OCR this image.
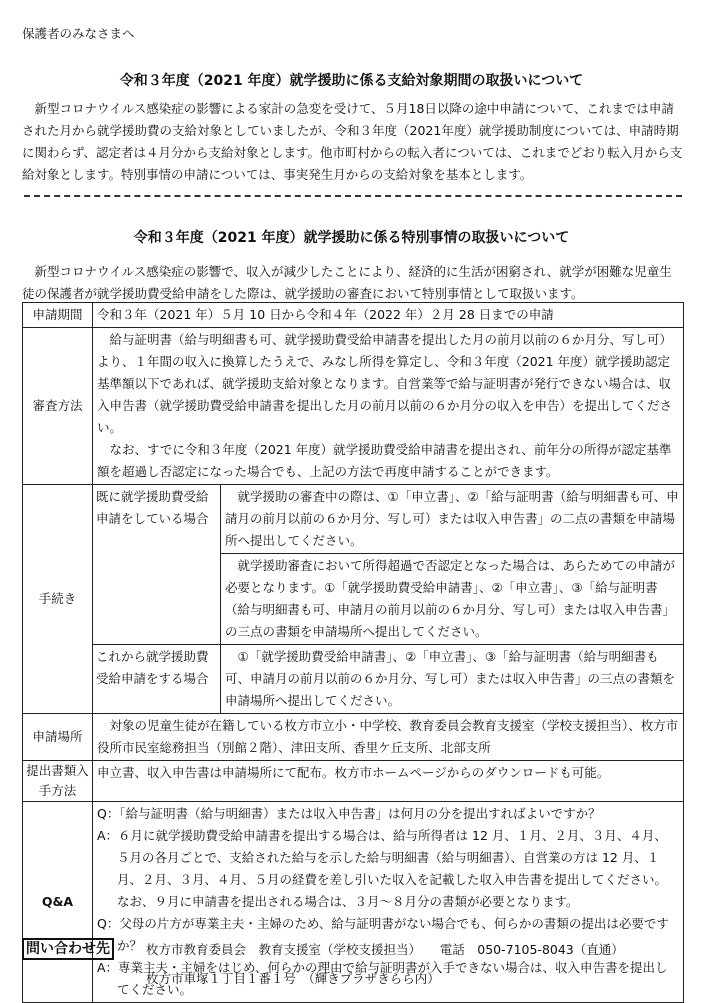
保護者のみなさまへ
令和３年度（2021 年度）就学援助に係る支給対象期間の取扱いについて
新型コロナウイルス感染症の影響による家計の急変を受けて、５月18日以降の途中申請について、これまでは申請された月から就学援助費の支給対象としていましたが、令和３年度（2021年度）就学援助制度については、申請時期に関わらず、認定者は４月分から支給対象とします。他市町村からの転入者については、これまでどおり転入月から支給対象とします。特別事情の申請については、事実発生月からの支給対象を基本とします。
令和３年度（2021 年度）就学援助に係る特別事情の取扱いについて
新型コロナウイルス感染症の影響で、収入が減少したことにより、経済的に生活が困窮され、就学が困難な児童生徒の保護者が就学援助費受給申請をした際は、就学援助の審査において特別事情として取扱います。
申請期間	令和３年（2021 年）５月 10 日から令和４年（2022 年）２月 28 日までの申請	
審査方法	給与証明書（給与明細書も可、就学援助費受給申請書を提出した月の前月以前の６か月分、写し可）より、１年間の収入に換算したうえで、みなし所得を算定し、令和３年度（2021 年度）就学援助認定基準額以下であれば、就学援助支給対象となります。自営業等で給与証明書が発行できない場合は、収入申告書（就学援助費受給申請書を提出した月の前月以前の６か月分の収入を申告）を提出してください。
なお、すでに令和３年度（2021 年度）就学援助費受給申請書を提出され、前年分の所得が認定基準額を超過し否認定になった場合でも、上記の方法で再度申請することができます。	

手続き	既に就学援助費受給申請をしている場合	就学援助の審査中の際は、①「申立書」、②「給与証明書（給与明細書も可、申請月の前月以前の６か月分、写し可）または収入申告書」の二点の書類を申請場所へ提出してください。
		就学援助審査において所得超過で否認定となった場合は、あらためての申請が必要となります。①「就学援助費受給申請書」、②「申立書」、③「給与証明書（給与明細書も可、申請月の前月以前の６か月分、写し可）または収入申告書」の三点の書類を申請場所へ提出してください。
	これから就学援助費受給申請をする場合	①「就学援助費受給申請書」、②「申立書」、③「給与証明書（給与明細書も可、申請月の前月以前の６か月分、写し可）または収入申告書」の三点の書類を申請場所へ提出してください。
申請場所	対象の児童生徒が在籍している枚方市立小・中学校、教育委員会教育支援室（学校支援担当）、枚方市役所市民室総務担当（別館２階）、津田支所、香里ケ丘支所、北部支所	
提出書類入手方法	申立書、収入申告書は申請場所にて配布。枚方市ホームページからのダウンロードも可能。	
Q&A	Q：「給与証明書（給与明細書）または収入申告書」は何月の分を提出すればよいですか？

A：６月に就学援助費受給申請書を提出する場合は、給与所得者は 12 月、１月、２月、３月、４月、５月の各月ごとで、支給された給与を示した給与明細書（給与明細書）、自営業の方は 12 月、１月、２月、３月、４月、５月の経費を差し引いた収入を記載した収入申告書を提出してください。なお、９月に申請書を提出される場合は、３月～８月分の書類が必要となります。

Q：父母の片方が専業主夫・主婦のため、給与証明書がない場合でも、何らかの書類の提出は必要ですか？

A：専業主夫・主婦をはじめ、何らかの理由で給与証明書が入手できない場合は、収入申告書を提出してください。	

問い合わせ先	枚方市教育委員会　教育支援室（学校支援担当）　　電話　050-7105-8043（直通）
枚方市車塚１丁目１番１号　（輝きプラザきらら内）
